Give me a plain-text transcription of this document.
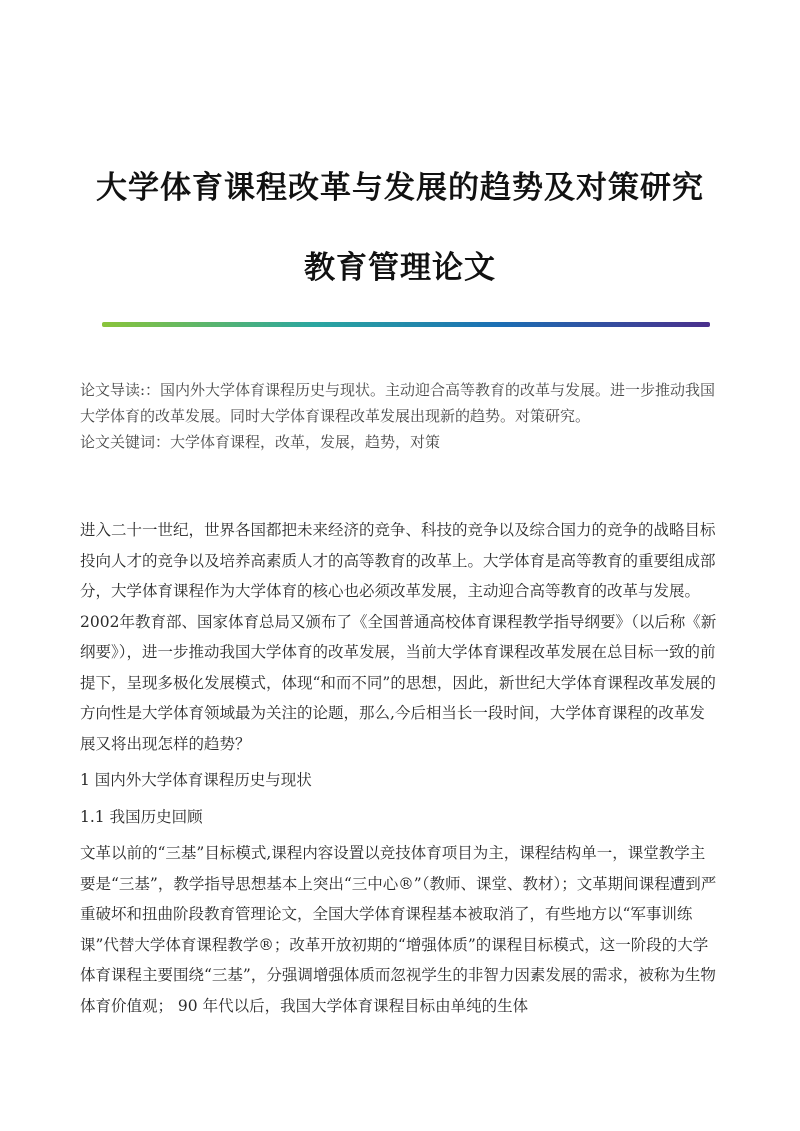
大学体育课程改革与发展的趋势及对策研究
教育管理论文

论文导读:：国内外大学体育课程历史与现状。主动迎合高等教育的改革与发展。进一步推动我国大学体育的改革发展。同时大学体育课程改革发展出现新的趋势。对策研究。

论文关键词：大学体育课程，改革，发展，趋势，对策

进入二十一世纪，世界各国都把未来经济的竞争、科技的竞争以及综合国力的竞争的战略目标投向人才的竞争以及培养高素质人才的高等教育的改革上。大学体育是高等教育的重要组成部分，大学体育课程作为大学体育的核心也必须改革发展，主动迎合高等教育的改革与发展。2002年教育部、国家体育总局又颁布了《全国普通高校体育课程教学指导纲要》（以后称《新纲要》），进一步推动我国大学体育的改革发展，当前大学体育课程改革发展在总目标一致的前提下，呈现多极化发展模式，体现“和而不同”的思想，因此，新世纪大学体育课程改革发展的方向性是大学体育领域最为关注的论题，那么,今后相当长一段时间，大学体育课程的改革发展又将出现怎样的趋势？

1 国内外大学体育课程历史与现状

1.1 我国历史回顾

文革以前的“三基”目标模式,课程内容设置以竞技体育项目为主，课程结构单一，课堂教学主要是“三基”，教学指导思想基本上突出“三中心®”（教师、课堂、教材）；文革期间课程遭到严重破坏和扭曲阶段教育管理论文，全国大学体育课程基本被取消了，有些地方以“军事训练课”代替大学体育课程教学®；改革开放初期的“增强体质”的课程目标模式，这一阶段的大学体育课程主要围绕“三基”，分强调增强体质而忽视学生的非智力因素发展的需求，被称为生物体育价值观； 90 年代以后，我国大学体育课程目标由单纯的生体
